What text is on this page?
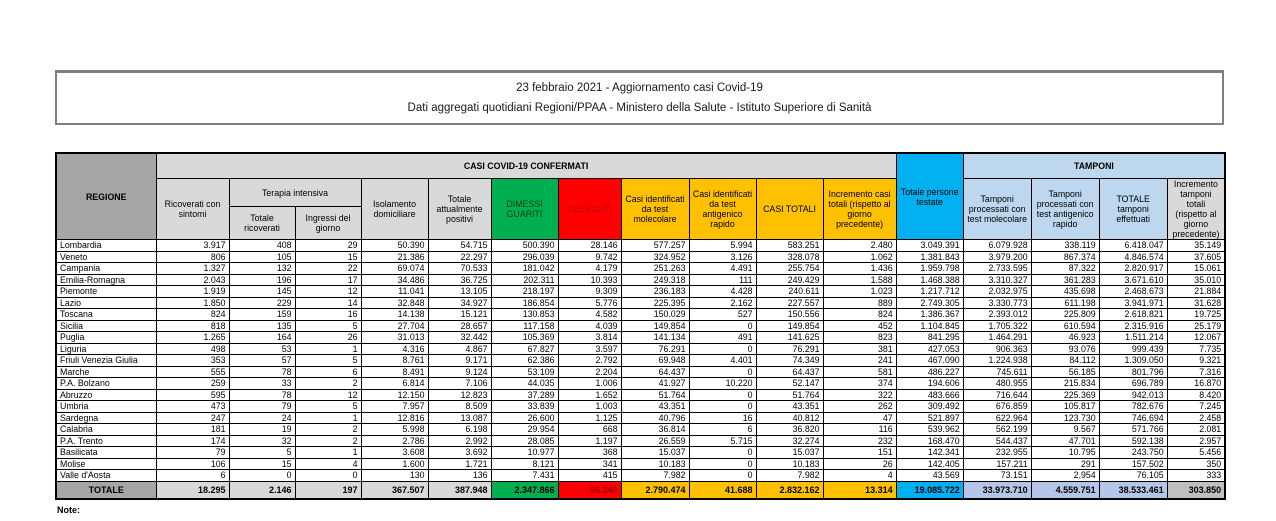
23 febbraio 2021 - Aggiornamento casi Covid-19
Dati aggregati quotidiani Regioni/PPAA - Ministero della Salute - Istituto Superiore di Sanità
REGIONE	CASI COVID-19 CONFERMATI											Totale persone testate	TAMPONI			
	Ricoverati con sintomi	Terapia intensiva		Isolamento domiciliare	Totale attualmente positivi	DIMESSI GUARITI	DECEDUTI	Casi identificati da test molecolare	Casi identificati da test antigenico rapido	CASI TOTALI	Incremento casi totali (rispetto al giorno precedente)		Tamponi processati con test molecolare	Tamponi processati con test antigenico rapido	TOTALE tamponi effettuati	Incremento tamponi totali (rispetto al giorno precedente)
		Totale ricoverati	Ingressi del giorno													
Lombardia	3.917	408	29	50.390	54.715	500.390	28.146	577.257	5.994	583.251	2.480	3.049.391	6.079.928	338.119	6.418.047	35.149
Veneto	806	105	15	21.386	22.297	296.039	9.742	324.952	3.126	328.078	1.062	1.381.843	3.979.200	867.374	4.846.574	37.605
Campania	1.327	132	22	69.074	70.533	181.042	4.179	251.263	4.491	255.754	1.436	1.959.798	2.733.595	87.322	2.820.917	15.061
Emilia-Romagna	2.043	196	17	34.486	36.725	202.311	10.393	249.318	111	249.429	1.588	1.468.388	3.310.327	361.283	3.671.610	35.010
Piemonte	1.919	145	12	11.041	13.105	218.197	9.309	236.183	4.428	240.611	1.023	1.217.712	2.032.975	435.698	2.468.673	21.884
Lazio	1.850	229	14	32.848	34.927	186.854	5.776	225.395	2.162	227.557	889	2.749.305	3.330.773	611.198	3.941.971	31.628
Toscana	824	159	16	14.138	15.121	130.853	4.582	150.029	527	150.556	824	1.386.367	2.393.012	225.809	2.618.821	19.725
Sicilia	818	135	5	27.704	28.657	117.158	4.039	149.854	0	149.854	452	1.104.845	1.705.322	610.594	2.315.916	25.179
Puglia	1.265	164	26	31.013	32.442	105.369	3.814	141.134	491	141.625	823	841.295	1.464.291	46.923	1.511.214	12.067
Liguria	498	53	1	4.316	4.867	67.827	3.597	76.291	0	76.291	381	427.053	906.363	93.076	999.439	7.735
Friuli Venezia Giulia	353	57	5	8.761	9.171	62.386	2.792	69.948	4.401	74.349	241	467.090	1.224.938	84.112	1.309.050	9.321
Marche	555	78	6	8.491	9.124	53.109	2.204	64.437	0	64.437	581	486.227	745.611	56.185	801.796	7.316
P.A. Bolzano	259	33	2	6.814	7.106	44.035	1.006	41.927	10.220	52.147	374	194.606	480.955	215.834	696.789	16.870
Abruzzo	595	78	12	12.150	12.823	37.289	1.652	51.764	0	51.764	322	483.666	716.644	225.369	942.013	8.420
Umbria	473	79	5	7.957	8.509	33.839	1.003	43.351	0	43.351	262	309.492	676.859	105.817	782.676	7.245
Sardegna	247	24	1	12.816	13.087	26.600	1.125	40.796	16	40.812	47	521.897	622.964	123.730	746.694	2.458
Calabria	181	19	2	5.998	6.198	29.954	668	36.814	6	36.820	116	539.962	562.199	9.567	571.766	2.081
P.A. Trento	174	32	2	2.786	2.992	28.085	1.197	26.559	5.715	32.274	232	168.470	544.437	47.701	592.138	2.957
Basilicata	79	5	1	3.608	3.692	10.977	368	15.037	0	15.037	151	142.341	232.955	10.795	243.750	5.456
Molise	106	15	4	1.600	1.721	8.121	341	10.183	0	10.183	26	142.405	157.211	291	157.502	350
Valle d'Aosta	6	0	0	130	136	7.431	415	7.982	0	7.982	4	43.569	73.151	2.954	76.105	333
TOTALE	18.295	2.146	197	367.507	387.948	2.347.866	96.348	2.790.474	41.688	2.832.162	13.314	19.085.722	33.973.710	4.559.751	38.533.461	303.850
Note:
